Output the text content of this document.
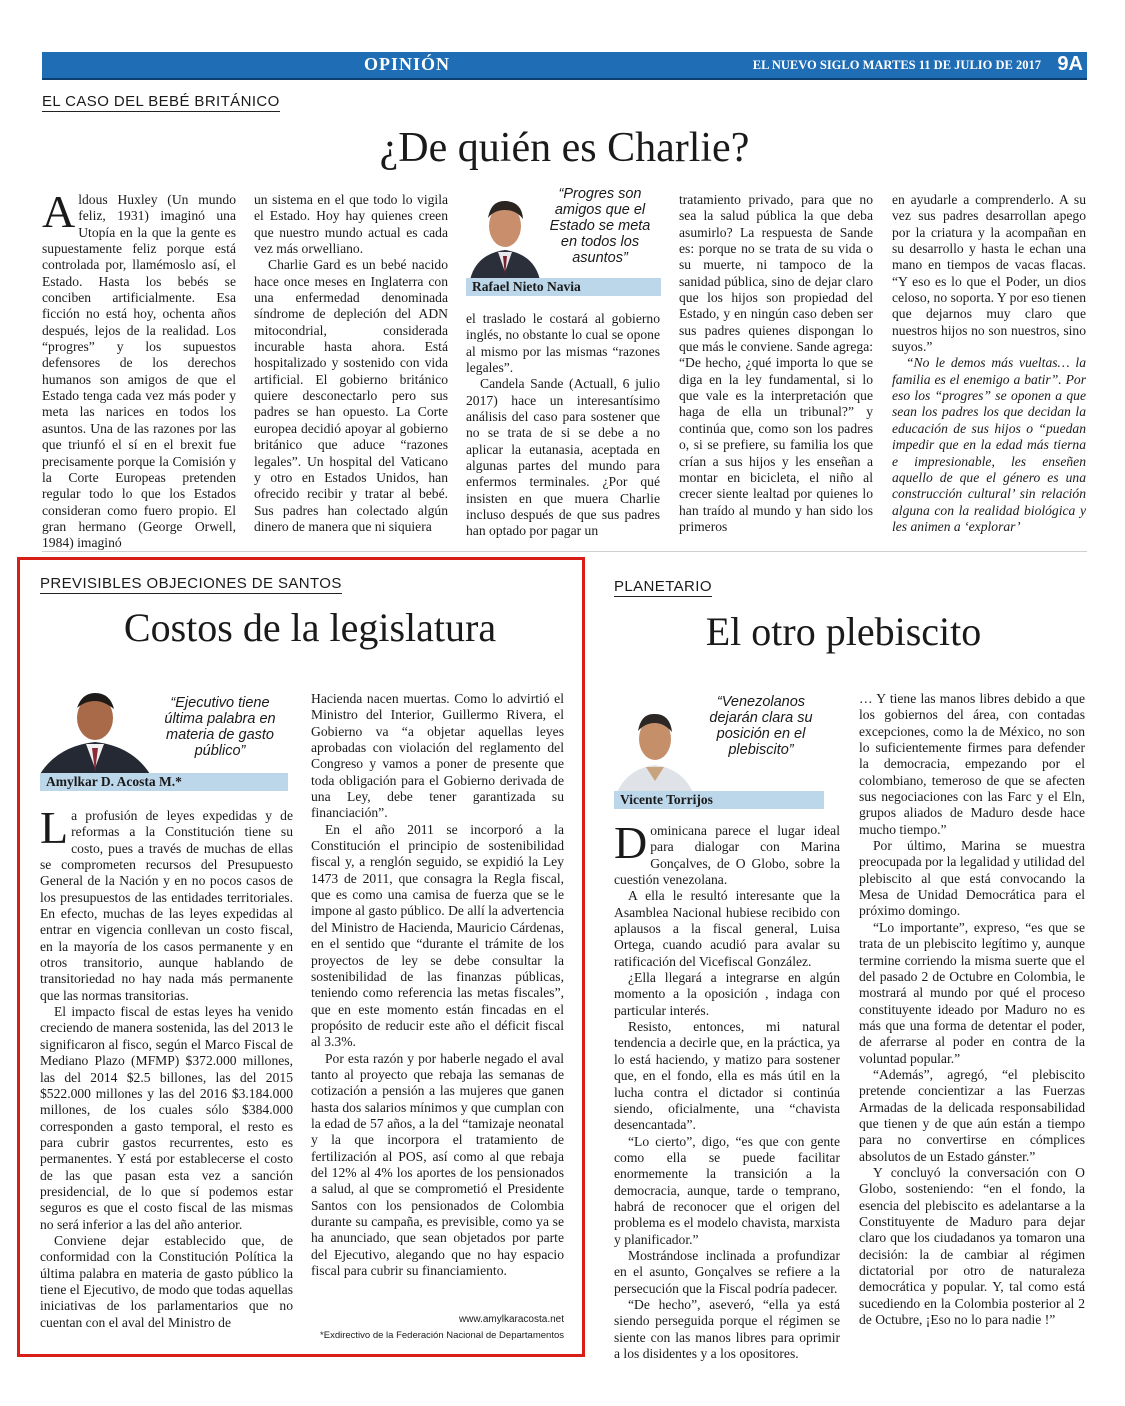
OPINIÓN	EL NUEVO SIGLO MARTES 11 DE JULIO DE 2017 9A
EL CASO DEL BEBÉ BRITÁNICO
¿De quién es Charlie?

Aldous Huxley (Un mundo feliz, 1931) imaginó una Utopía en la que la gente es supuestamente feliz porque está controlada por, llamémoslo así, el Estado. Hasta los bebés se conciben artificialmente. Esa ficción no está hoy, ochenta años después, lejos de la realidad. Los “progres” y los supuestos defensores de los derechos humanos son amigos de que el Estado tenga cada vez más poder y meta las narices en todos los asuntos. Una de las razones por las que triunfó el sí en el brexit fue precisamente porque la Comisión y la Corte Europeas pretenden regular todo lo que los Estados consideran como fuero propio. El gran hermano (George Orwell, 1984) imaginó

un sistema en el que todo lo vigila el Estado. Hoy hay quienes creen que nuestro mundo actual es cada vez más orwelliano.

Charlie Gard es un bebé nacido hace once meses en Inglaterra con una enfermedad denominada síndrome de depleción del ADN mitocondrial, considerada incurable hasta ahora. Está hospitalizado y sostenido con vida artificial. El gobierno británico quiere desconectarlo pero sus padres se han opuesto. La Corte europea decidió apoyar al gobierno británico que aduce “razones legales”. Un hospital del Vaticano y otro en Estados Unidos, han ofrecido recibir y tratar al bebé. Sus padres han colectado algún dinero de manera que ni siquiera

“Progres son amigos que el Estado se meta en todos los asuntos”
Rafael Nieto Navia

el traslado le costará al gobierno inglés, no obstante lo cual se opone al mismo por las mismas “razones legales”.

Candela Sande (Actuall, 6 julio 2017) hace un interesantísimo análisis del caso para sostener que no se trata de si se debe a no aplicar la eutanasia, aceptada en algunas partes del mundo para enfermos terminales. ¿Por qué insisten en que muera Charlie incluso después de que sus padres han optado por pagar un

tratamiento privado, para que no sea la salud pública la que deba asumirlo? La respuesta de Sande es: porque no se trata de su vida o su muerte, ni tampoco de la sanidad pública, sino de dejar claro que los hijos son propiedad del Estado, y en ningún caso deben ser sus padres quienes dispongan lo que más le conviene. Sande agrega: “De hecho, ¿qué importa lo que se diga en la ley fundamental, si lo que vale es la interpretación que haga de ella un tribunal?” y continúa que, como son los padres o, si se prefiere, su familia los que crían a sus hijos y les enseñan a montar en bicicleta, el niño al crecer siente lealtad por quienes lo han traído al mundo y han sido los primeros

en ayudarle a comprenderlo. A su vez sus padres desarrollan apego por la criatura y la acompañan en su desarrollo y hasta le echan una mano en tiempos de vacas flacas. “Y eso es lo que el Poder, un dios celoso, no soporta. Y por eso tienen que dejarnos muy claro que nuestros hijos no son nuestros, sino suyos.”

“No le demos más vueltas… la familia es el enemigo a batir”. Por eso los “progres” se oponen a que sean los padres los que decidan la educación de sus hijos o “puedan impedir que en la edad más tierna e impresionable, les enseñen aquello de que el género es una construcción cultural’ sin relación alguna con la realidad biológica y les animen a ‘explorar’

PREVISIBLES OBJECIONES DE SANTOS
Costos de la legislatura
“Ejecutivo tiene última palabra en materia de gasto público”
Amylkar D. Acosta M.*

La profusión de leyes expedidas y de reformas a la Constitución tiene su costo, pues a través de muchas de ellas se comprometen recursos del Presupuesto General de la Nación y en no pocos casos de los presupuestos de las entidades territoriales. En efecto, muchas de las leyes expedidas al entrar en vigencia conllevan un costo fiscal, en la mayoría de los casos permanente y en otros transitorio, aunque hablando de transitoriedad no hay nada más permanente que las normas transitorias.

El impacto fiscal de estas leyes ha venido creciendo de manera sostenida, las del 2013 le significaron al fisco, según el Marco Fiscal de Mediano Plazo (MFMP) $372.000 millones, las del 2014 $2.5 billones, las del 2015 $522.000 millones y las del 2016 $3.184.000 millones, de los cuales sólo $384.000 corresponden a gasto temporal, el resto es para cubrir gastos recurrentes, esto es permanentes. Y está por establecerse el costo de las que pasan esta vez a sanción presidencial, de lo que sí podemos estar seguros es que el costo fiscal de las mismas no será inferior a las del año anterior.

Conviene dejar establecido que, de conformidad con la Constitución Política la última palabra en materia de gasto público la tiene el Ejecutivo, de modo que todas aquellas iniciativas de los parlamentarios que no cuentan con el aval del Ministro de

Hacienda nacen muertas. Como lo advirtió el Ministro del Interior, Guillermo Rivera, el Gobierno va “a objetar aquellas leyes aprobadas con violación del reglamento del Congreso y vamos a poner de presente que toda obligación para el Gobierno derivada de una Ley, debe tener garantizada su financiación”.

En el año 2011 se incorporó a la Constitución el principio de sostenibilidad fiscal y, a renglón seguido, se expidió la Ley 1473 de 2011, que consagra la Regla fiscal, que es como una camisa de fuerza que se le impone al gasto público. De allí la advertencia del Ministro de Hacienda, Mauricio Cárdenas, en el sentido que “durante el trámite de los proyectos de ley se debe consultar la sostenibilidad de las finanzas públicas, teniendo como referencia las metas fiscales”, que en este momento están fincadas en el propósito de reducir este año el déficit fiscal al 3.3%.

Por esta razón y por haberle negado el aval tanto al proyecto que rebaja las semanas de cotización a pensión a las mujeres que ganen hasta dos salarios mínimos y que cumplan con la edad de 57 años, a la del “tamizaje neonatal y la que incorpora el tratamiento de fertilización al POS, así como al que rebaja del 12% al 4% los aportes de los pensionados a salud, al que se comprometió el Presidente Santos con los pensionados de Colombia durante su campaña, es previsible, como ya se ha anunciado, que sean objetados por parte del Ejecutivo, alegando que no hay espacio fiscal para cubrir su financiamiento.

www.amylkaracosta.net
*Exdirectivo de la Federación Nacional de Departamentos
PLANETARIO
El otro plebiscito
“Venezolanos dejarán clara su posición en el plebiscito”
Vicente Torrijos

Dominicana parece el lugar ideal para dialogar con Marina Gonçalves, de O Globo, sobre la cuestión venezolana.

A ella le resultó interesante que la Asamblea Nacional hubiese recibido con aplausos a la fiscal general, Luisa Ortega, cuando acudió para avalar su ratificación del Vicefiscal González.

¿Ella llegará a integrarse en algún momento a la oposición , indaga con particular interés.

Resisto, entonces, mi natural tendencia a decirle que, en la práctica, ya lo está haciendo, y matizo para sostener que, en el fondo, ella es más útil en la lucha contra el dictador si continúa siendo, oficialmente, una “chavista desencantada”.

“Lo cierto”, digo, “es que con gente como ella se puede facilitar enormemente la transición a la democracia, aunque, tarde o temprano, habrá de reconocer que el origen del problema es el modelo chavista, marxista y planificador.”

Mostrándose inclinada a profundizar en el asunto, Gonçalves se refiere a la persecución que la Fiscal podría padecer.

“De hecho”, aseveró, “ella ya está siendo perseguida porque el régimen se siente con las manos libres para oprimir a los disidentes y a los opositores.

… Y tiene las manos libres debido a que los gobiernos del área, con contadas excepciones, como la de México, no son lo suficientemente firmes para defender la democracia, empezando por el colombiano, temeroso de que se afecten sus negociaciones con las Farc y el Eln, grupos aliados de Maduro desde hace mucho tiempo.”

Por último, Marina se muestra preocupada por la legalidad y utilidad del plebiscito al que está convocando la Mesa de Unidad Democrática para el próximo domingo.

“Lo importante”, expreso, “es que se trata de un plebiscito legítimo y, aunque termine corriendo la misma suerte que el del pasado 2 de Octubre en Colombia, le mostrará al mundo por qué el proceso constituyente ideado por Maduro no es más que una forma de detentar el poder, de aferrarse al poder en contra de la voluntad popular.”

“Además”, agregó, “el plebiscito pretende concientizar a las Fuerzas Armadas de la delicada responsabilidad que tienen y de que aún están a tiempo para no convertirse en cómplices absolutos de un Estado gánster.”

Y concluyó la conversación con O Globo, sosteniendo: “en el fondo, la esencia del plebiscito es adelantarse a la Constituyente de Maduro para dejar claro que los ciudadanos ya tomaron una decisión: la de cambiar al régimen dictatorial por otro de naturaleza democrática y popular. Y, tal como está sucediendo en la Colombia posterior al 2 de Octubre, ¡Eso no lo para nadie !”
